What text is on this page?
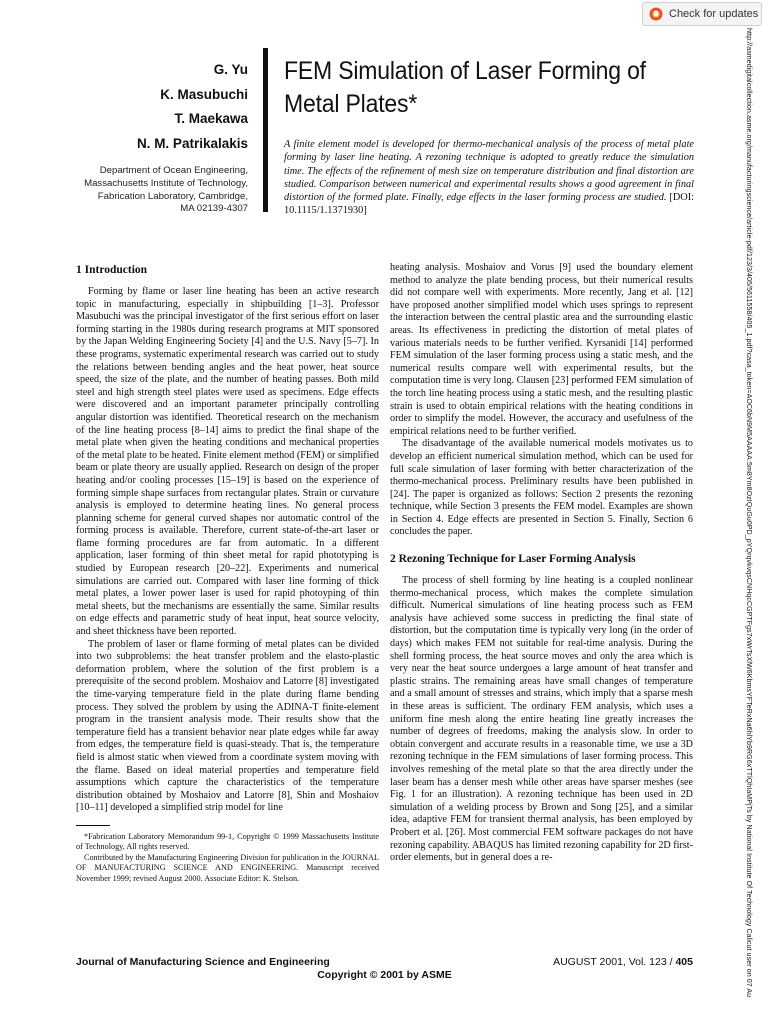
Check for updates
http://asmedigitalcollection.asme.org/manufacturingscience/article-pdf/123/3/405/5611558/405_1.pdf?casa_token=AOC6bN9M5AAAAA:5m8Ym8OzIQuGu0PD_pYQrqvkvqsCNHqcCGPTFgs7xWrTsXlW6KbmsYFTeRxNa6hlYb9RG6xTTlQhIaMPjTs by National Institute Of Technology Calicut user on 07 Au
G. Yu
K. Masubuchi
T. Maekawa
N. M. Patrikalakis
Department of Ocean Engineering,
Massachusetts Institute of Technology,
Fabrication Laboratory, Cambridge,
MA 02139-4307
FEM Simulation of Laser Forming of Metal Plates*
A finite element model is developed for thermo-mechanical analysis of the process of metal plate forming by laser line heating. A rezoning technique is adopted to greatly reduce the simulation time. The effects of the refinement of mesh size on temperature distribution and final distortion are studied. Comparison between numerical and experimental results shows a good agreement in final distortion of the formed plate. Finally, edge effects in the laser forming process are studied. [DOI: 10.1115/1.1371930]
1 Introduction

Forming by flame or laser line heating has been an active research topic in manufacturing, especially in shipbuilding [1–3]. Professor Masubuchi was the principal investigator of the first serious effort on laser forming starting in the 1980s during research programs at MIT sponsored by the Japan Welding Engineering Society [4] and the U.S. Navy [5–7]. In these programs, systematic experimental research was carried out to study the relations between bending angles and the heat power, heat source speed, the size of the plate, and the number of heating passes. Both mild steel and high strength steel plates were used as specimens. Edge effects were discovered and an important parameter principally controlling angular distortion was identified. Theoretical research on the mechanism of the line heating process [8–14] aims to predict the final shape of the metal plate when given the heating conditions and mechanical properties of the metal plate to be heated. Finite element method (FEM) or simplified beam or plate theory are usually applied. Research on design of the proper heating and/or cooling processes [15–19] is based on the experience of forming simple shape surfaces from rectangular plates. Strain or curvature analysis is employed to determine heating lines. No general process planning scheme for general curved shapes nor automatic control of the forming process is available. Therefore, current state-of-the-art laser or flame forming procedures are far from automatic. In a different application, laser forming of thin sheet metal for rapid phototyping is studied by European research [20–22]. Experiments and numerical simulations are carried out. Compared with laser line forming of thick metal plates, a lower power laser is used for rapid photoyping of thin metal sheets, but the mechanisms are essentially the same. Similar results on edge effects and parametric study of heat input, heat source velocity, and sheet thickness have been reported.

The problem of laser or flame forming of metal plates can be divided into two subproblems: the heat transfer problem and the elasto-plastic deformation problem, where the solution of the first problem is a prerequisite of the second problem. Moshaiov and Latorre [8] investigated the time-varying temperature field in the plate during flame bending process. They solved the problem by using the ADINA-T finite-element program in the transient analysis mode. Their results show that the temperature field has a transient behavior near plate edges while far away from edges, the temperature field is quasi-steady. That is, the temperature field is almost static when viewed from a coordinate system moving with the flame. Based on ideal material properties and temperature field assumptions which capture the characteristics of the temperature distribution obtained by Moshaiov and Latorre [8], Shin and Moshaiov [10–11] developed a simplified strip model for line

*Fabrication Laboratory Memorandum 99-1, Copyright © 1999 Massachusetts Institute of Technology, All rights reserved.

Contributed by the Manufacturing Engineering Division for publication in the JOURNAL OF MANUFACTURING SCIENCE AND ENGINEERING. Manuscript received November 1999; revised August 2000. Associate Editor: K. Stelson.

heating analysis. Moshaiov and Vorus [9] used the boundary element method to analyze the plate bending process, but their numerical results did not compare well with experiments. More recently, Jang et al. [12] have proposed another simplified model which uses springs to represent the interaction between the central plastic area and the surrounding elastic areas. Its effectiveness in predicting the distortion of metal plates of various materials needs to be further verified. Kyrsanidi [14] performed FEM simulation of the laser forming process using a static mesh, and the numerical results compare well with experimental results, but the computation time is very long. Clausen [23] performed FEM simulation of the torch line heating process using a static mesh, and the resulting plastic strain is used to obtain empirical relations with the heating conditions in order to simplify the model. However, the accuracy and usefulness of the empirical relations need to be further verified.

The disadvantage of the available numerical models motivates us to develop an efficient numerical simulation method, which can be used for full scale simulation of laser forming with better characterization of the thermo-mechanical process. Preliminary results have been published in [24]. The paper is organized as follows: Section 2 presents the rezoning technique, while Section 3 presents the FEM model. Examples are shown in Section 4. Edge effects are presented in Section 5. Finally, Section 6 concludes the paper.

2 Rezoning Technique for Laser Forming Analysis

The process of shell forming by line heating is a coupled nonlinear thermo-mechanical process, which makes the complete simulation difficult. Numerical simulations of line heating process such as FEM analysis have achieved some success in predicting the final state of distortion, but the computation time is typically very long (in the order of days) which makes FEM not suitable for real-time analysis. During the shell forming process, the heat source moves and only the area which is very near the heat source undergoes a large amount of heat transfer and plastic strains. The remaining areas have small changes of temperature and a small amount of stresses and strains, which imply that a sparse mesh in these areas is sufficient. The ordinary FEM analysis, which uses a uniform fine mesh along the entire heating line greatly increases the number of degrees of freedoms, making the analysis slow. In order to obtain convergent and accurate results in a reasonable time, we use a 3D rezoning technique in the FEM simulations of laser forming process. This involves remeshing of the metal plate so that the area directly under the laser beam has a denser mesh while other areas have sparser meshes (see Fig. 1 for an illustration). A rezoning technique has been used in 2D simulation of a welding process by Brown and Song [25], and a similar idea, adaptive FEM for transient thermal analysis, has been employed by Probert et al. [26]. Most commercial FEM software packages do not have rezoning capability. ABAQUS has limited rezoning capability for 2D first-order elements, but in general does a re-

Journal of Manufacturing Science and Engineering	AUGUST 2001, Vol. 123 / 405
Copyright © 2001 by ASME
